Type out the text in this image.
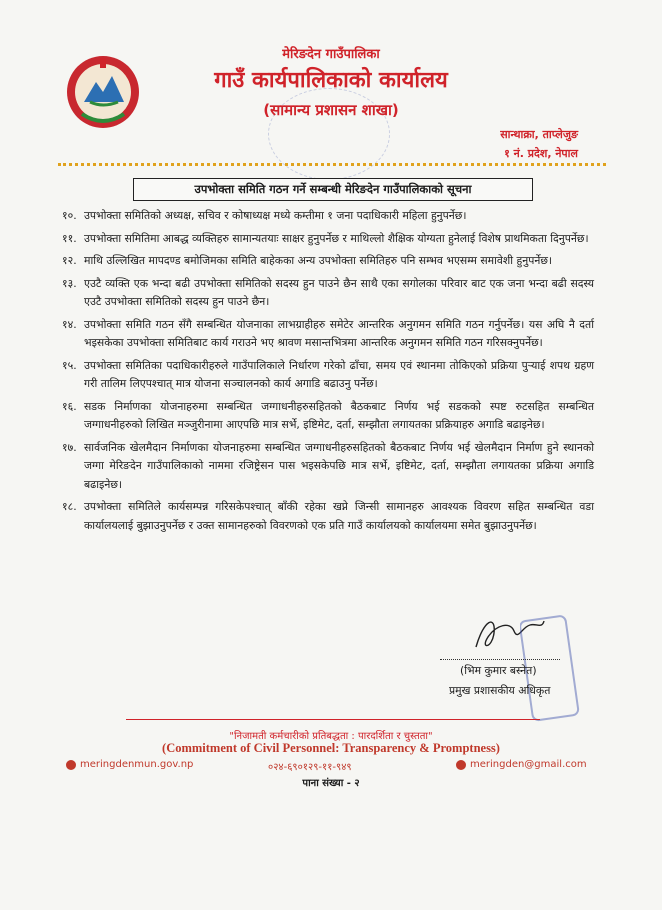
मेरिङदेन गाउँपालिका
गाउँ कार्यपालिकाको कार्यालय
(सामान्य प्रशासन शाखा)
सान्थाक्रा, ताप्लेजुङ
१ नं. प्रदेश, नेपाल
उपभोक्ता समिति गठन गर्ने सम्बन्धी मेरिङदेन गाउँपालिकाको सूचना
१०. उपभोक्ता समितिको अध्यक्ष, सचिव र कोषाध्यक्ष मध्ये कम्तीमा १ जना पदाधिकारी महिला हुनुपर्नेछ।
११. उपभोक्ता समितिमा आबद्ध व्यक्तिहरु सामान्यतयाः साक्षर हुनुपर्नेछ र माथिल्लो शैक्षिक योग्यता हुनेलाई विशेष प्राथमिकता दिनुपर्नेछ।
१२. माथि उल्लिखित मापदण्ड बमोजिमका समिति बाहेकका अन्य उपभोक्ता समितिहरु पनि सम्भव भएसम्म समावेशी हुनुपर्नेछ।
१३. एउटै व्यक्ति एक भन्दा बढी उपभोक्ता समितिको सदस्य हुन पाउने छैन साथै एका सगोलका परिवार बाट एक जना भन्दा बढी सदस्य एउटै उपभोक्ता समितिको सदस्य हुन पाउने छैन।
१४. उपभोक्ता समिति गठन सँगै सम्बन्धित योजनाका लाभग्राहीहरु समेटेर आन्तरिक अनुगमन समिति गठन गर्नुपर्नेछ। यस अघि नै दर्ता भइसकेका उपभोक्ता समितिबाट कार्य गराउने भए श्रावण मसान्तभित्रमा आन्तरिक अनुगमन समिति गठन गरिसक्नुपर्नेछ।
१५. उपभोक्ता समितिका पदाधिकारीहरुले गाउँपालिकाले निर्धारण गरेको ढाँचा, समय एवं स्थानमा तोकिएको प्रक्रिया पुऱ्याई शपथ ग्रहण गरी तालिम लिएपश्चात् मात्र योजना सञ्चालनको कार्य अगाडि बढाउनु पर्नेछ।
१६. सडक निर्माणका योजनाहरुमा सम्बन्धित जग्गाधनीहरुसहितको बैठकबाट निर्णय भई सडकको स्पष्ट रुटसहित सम्बन्धित जग्गाधनीहरुको लिखित मञ्जुरीनामा आएपछि मात्र सर्भे, इष्टिमेट, दर्ता, सम्झौता लगायतका प्रक्रियाहरु अगाडि बढाइनेछ।
१७. सार्वजनिक खेलमैदान निर्माणका योजनाहरुमा सम्बन्धित जग्गाधनीहरुसहितको बैठकबाट निर्णय भई खेलमैदान निर्माण हुने स्थानको जग्गा मेरिङदेन गाउँपालिकाको नाममा रजिष्ट्रेसन पास भइसकेपछि मात्र सर्भे, इष्टिमेट, दर्ता, सम्झौता लगायतका प्रक्रिया अगाडि बढाइनेछ।
१८. उपभोक्ता समितिले कार्यसम्पन्न गरिसकेपश्चात् बाँकी रहेका खप्ने जिन्सी सामानहरु आवश्यक विवरण सहित सम्बन्धित वडा कार्यालयलाई बुझाउनुपर्नेछ र उक्त सामानहरुको विवरणको एक प्रति गाउँ कार्यालयको कार्यालयमा समेत बुझाउनुपर्नेछ।
(भिम कुमार बस्नेत)
प्रमुख प्रशासकीय अधिकृत
"निजामती कर्मचारीको प्रतिबद्धता : पारदर्शिता र चुस्तता"
(Commitment of Civil Personnel: Transparency & Promptness)
meringdenmun.gov.np	०२४-६९०१२९-११-९४९	meringden@gmail.com
पाना संख्या - २
